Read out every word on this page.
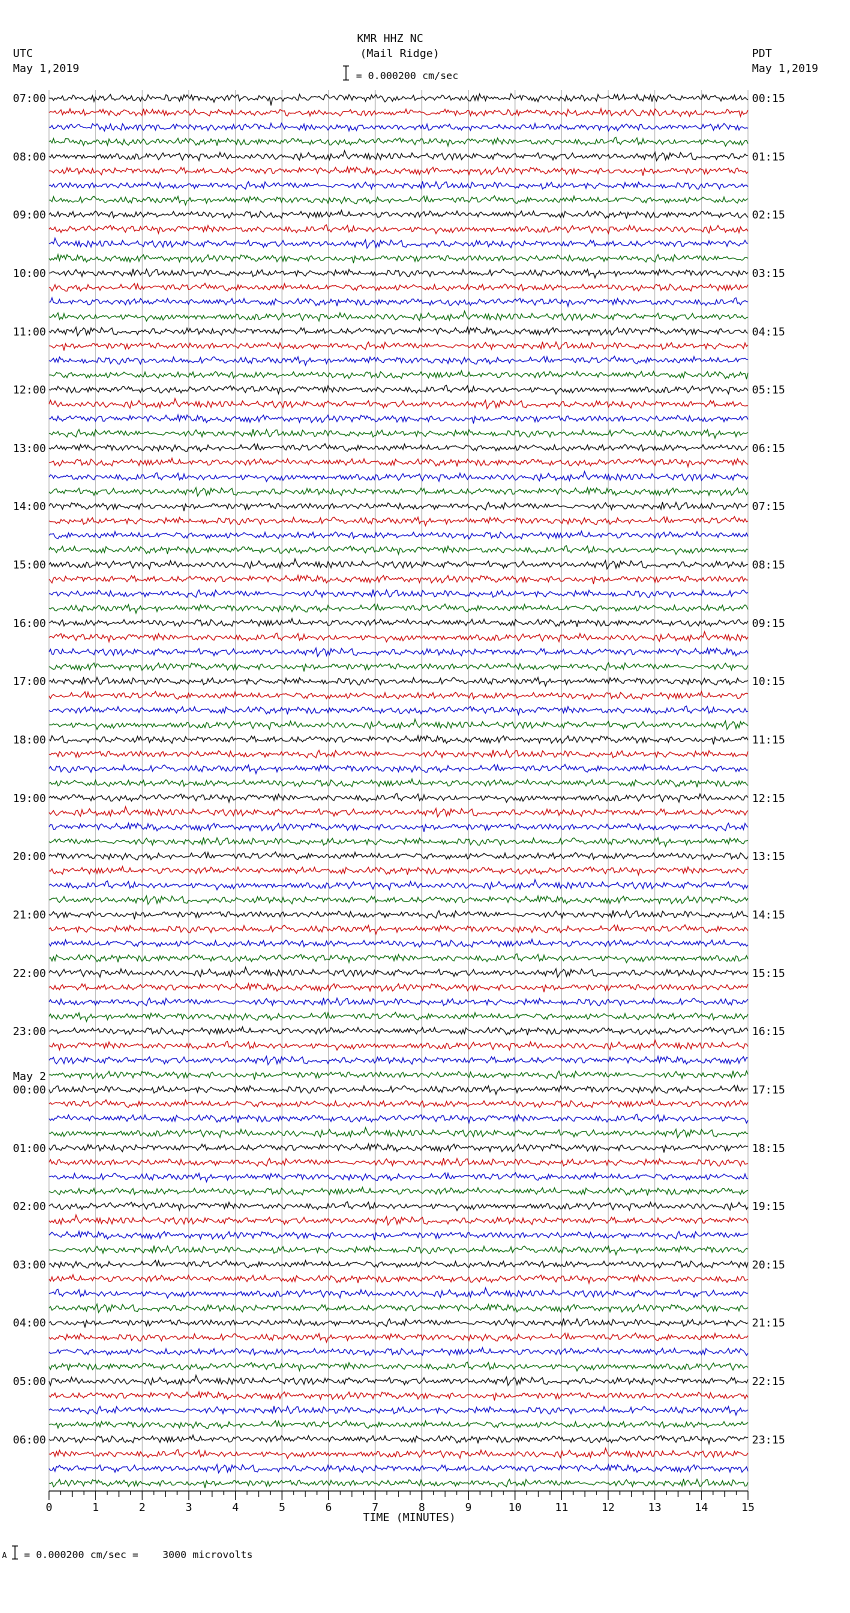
KMR HHZ NC
(Mail Ridge)
= 0.000200 cm/sec
UTC
May 1,2019
PDT
May 1,2019
May 2
TIME (MINUTES)
A = 0.000200 cm/sec =    3000 microvolts
0	1	2	3	4	5	6	7	8	9	10	11	12	13	14	15
07:00
08:00
09:00
10:00
11:00
12:00
13:00
14:00
15:00
16:00
17:00
18:00
19:00
20:00
21:00
22:00
23:00
00:00
01:00
02:00
03:00
04:00
05:00
06:00
00:15
01:15
02:15
03:15
04:15
05:15
06:15
07:15
08:15
09:15
10:15
11:15
12:15
13:15
14:15
15:15
16:15
17:15
18:15
19:15
20:15
21:15
22:15
23:15
